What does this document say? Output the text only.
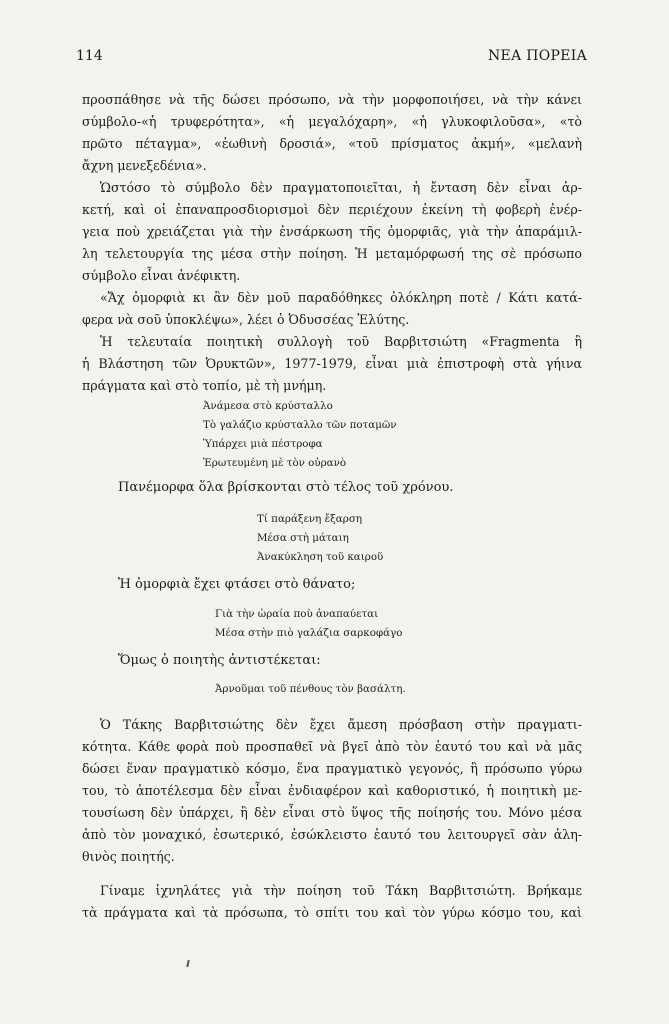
114	ΝΕΑ ΠΟΡΕΙΑ

προσπάθησε νὰ τῆς δώσει πρόσωπο, νὰ τὴν μορφοποιήσει, νὰ τὴν κάνει

σύμβολο-«ἡ τρυφερότητα», «ἡ μεγαλόχαρη», «ἡ γλυκοφιλοῦσα», «τὸ

πρῶτο πέταγμα», «ἐωθινὴ δροσιά», «τοῦ πρίσματος ἀκμή», «μελανὴ

ἄχνη μενεξεδένια».

Ὡστόσο τὸ σύμβολο δὲν πραγματοποιεῖται, ἡ ἔνταση δὲν εἶναι ἀρ-

κετή, καὶ οἱ ἐπαναπροσδιορισμοὶ δὲν περιέχουν ἐκείνη τὴ φοβερὴ ἐνέρ-

γεια ποὺ χρειάζεται γιὰ τὴν ἐνσάρκωση τῆς ὀμορφιᾶς, γιὰ τὴν ἀπαράμιλ-

λη τελετουργία της μέσα στὴν ποίηση. Ἡ μεταμόρφωσή της σὲ πρόσωπο

σύμβολο εἶναι ἀνέφικτη.

«Ἄχ ὀμορφιὰ κι ἂν δὲν μοῦ παραδόθηκες ὁλόκληρη ποτὲ / Κάτι κατά-

φερα νὰ σοῦ ὑποκλέψω», λέει ὁ Ὀδυσσέας Ἐλύτης.

Ἡ τελευταία ποιητικὴ συλλογὴ τοῦ Βαρβιτσιώτη «Fragmenta ἢ

ἡ Βλάστηση τῶν Ὀρυκτῶν», 1977-1979, εἶναι μιὰ ἐπιστροφὴ στὰ γήινα

πράγματα καὶ στὸ τοπίο, μὲ τὴ μνήμη.

Ἀνάμεσα στὸ κρύσταλλο

Τὸ γαλάζιο κρύσταλλο τῶν ποταμῶν

Ὑπάρχει μιὰ πέστροφα

Ἐρωτευμένη μὲ τὸν οὐρανὸ

Πανέμορφα ὅλα βρίσκονται στὸ τέλος τοῦ χρόνου.

Τί παράξενη ἔξαρση

Μέσα στὴ μάταιη

Ἀνακύκληση τοῦ καιροῦ

Ἡ ὀμορφιὰ ἔχει φτάσει στὸ θάνατο;

Γιὰ τὴν ὡραία ποὺ ἀναπαύεται

Μέσα στὴν πιὸ γαλάζια σαρκοφάγο

Ὅμως ὁ ποιητὴς ἀντιστέκεται:

Ἀρνοῦμαι τοῦ πένθους τὸν βασάλτη.

Ὁ Τάκης Βαρβιτσιώτης δὲν ἔχει ἄμεση πρόσβαση στὴν πραγματι-

κότητα. Κάθε φορὰ ποὺ προσπαθεῖ νὰ βγεῖ ἀπὸ τὸν ἑαυτό του καὶ νὰ μᾶς

δώσει ἕναν πραγματικὸ κόσμο, ἕνα πραγματικὸ γεγονός, ἢ πρόσωπο γύρω

του, τὸ ἀποτέλεσμα δὲν εἶναι ἐνδιαφέρον καὶ καθοριστικό, ἡ ποιητικὴ με-

τουσίωση δὲν ὑπάρχει, ἢ δὲν εἶναι στὸ ὕψος τῆς ποίησής του. Μόνο μέσα

ἀπὸ τὸν μοναχικό, ἐσωτερικό, ἐσώκλειστο ἑαυτό του λειτουργεῖ σὰν ἀλη-

θινὸς ποιητής.

Γίναμε ἰχνηλάτες γιὰ τὴν ποίηση τοῦ Τάκη Βαρβιτσιώτη. Βρήκαμε

τὰ πράγματα καὶ τὰ πρόσωπα, τὸ σπίτι του καὶ τὸν γύρω κόσμο του, καὶ
